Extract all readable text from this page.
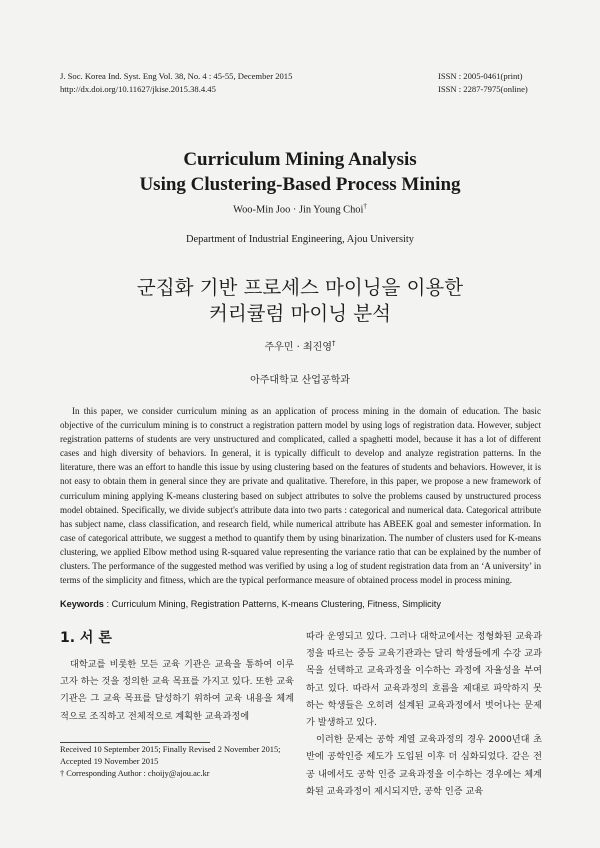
J. Soc. Korea Ind. Syst. Eng Vol. 38, No. 4 : 45-55, December 2015
http://dx.doi.org/10.11627/jkise.2015.38.4.45
ISSN : 2005-0461(print)
ISSN : 2287-7975(online)
Curriculum Mining Analysis
Using Clustering-Based Process Mining
Woo-Min Joo · Jin Young Choi†
Department of Industrial Engineering, Ajou University
군집화 기반 프로세스 마이닝을 이용한
커리큘럼 마이닝 분석
주우민 · 최진영†
아주대학교 산업공학과

In this paper, we consider curriculum mining as an application of process mining in the domain of education. The basic objective of the curriculum mining is to construct a registration pattern model by using logs of registration data. However, subject registration patterns of students are very unstructured and complicated, called a spaghetti model, because it has a lot of different cases and high diversity of behaviors. In general, it is typically difficult to develop and analyze registration patterns. In the literature, there was an effort to handle this issue by using clustering based on the features of students and behaviors. However, it is not easy to obtain them in general since they are private and qualitative. Therefore, in this paper, we propose a new framework of curriculum mining applying K-means clustering based on subject attributes to solve the problems caused by unstructured process model obtained. Specifically, we divide subject's attribute data into two parts : categorical and numerical data. Categorical attribute has subject name, class classification, and research field, while numerical attribute has ABEEK goal and semester information. In case of categorical attribute, we suggest a method to quantify them by using binarization. The number of clusters used for K-means clustering, we applied Elbow method using R-squared value representing the variance ratio that can be explained by the number of clusters. The performance of the suggested method was verified by using a log of student registration data from an ‘A university’ in terms of the simplicity and fitness, which are the typical performance measure of obtained process model in process mining.

Keywords : Curriculum Mining, Registration Patterns, K-means Clustering, Fitness, Simplicity
1. 서 론

대학교를 비롯한 모든 교육 기관은 교육을 통하여 이루고자 하는 것을 정의한 교육 목표를 가지고 있다. 또한 교육기관은 그 교육 목표를 달성하기 위하여 교육 내용을 체계적으로 조직하고 전체적으로 계획한 교육과정에

따라 운영되고 있다. 그러나 대학교에서는 정형화된 교육과정을 따르는 중등 교육기관과는 달리 학생들에게 수강 교과목을 선택하고 교육과정을 이수하는 과정에 자율성을 부여하고 있다. 따라서 교육과정의 흐름을 제대로 파악하지 못하는 학생들은 오히려 설계된 교육과정에서 벗어나는 문제가 발생하고 있다.

이러한 문제는 공학 계열 교육과정의 경우 2000년대 초반에 공학인증 제도가 도입된 이후 더 심화되었다. 같은 전공 내에서도 공학 인증 교육과정을 이수하는 경우에는 체계화된 교육과정이 제시되지만, 공학 인증 교육

Received 10 September 2015; Finally Revised 2 November 2015;
Accepted 19 November 2015
† Corresponding Author : choijy@ajou.ac.kr
